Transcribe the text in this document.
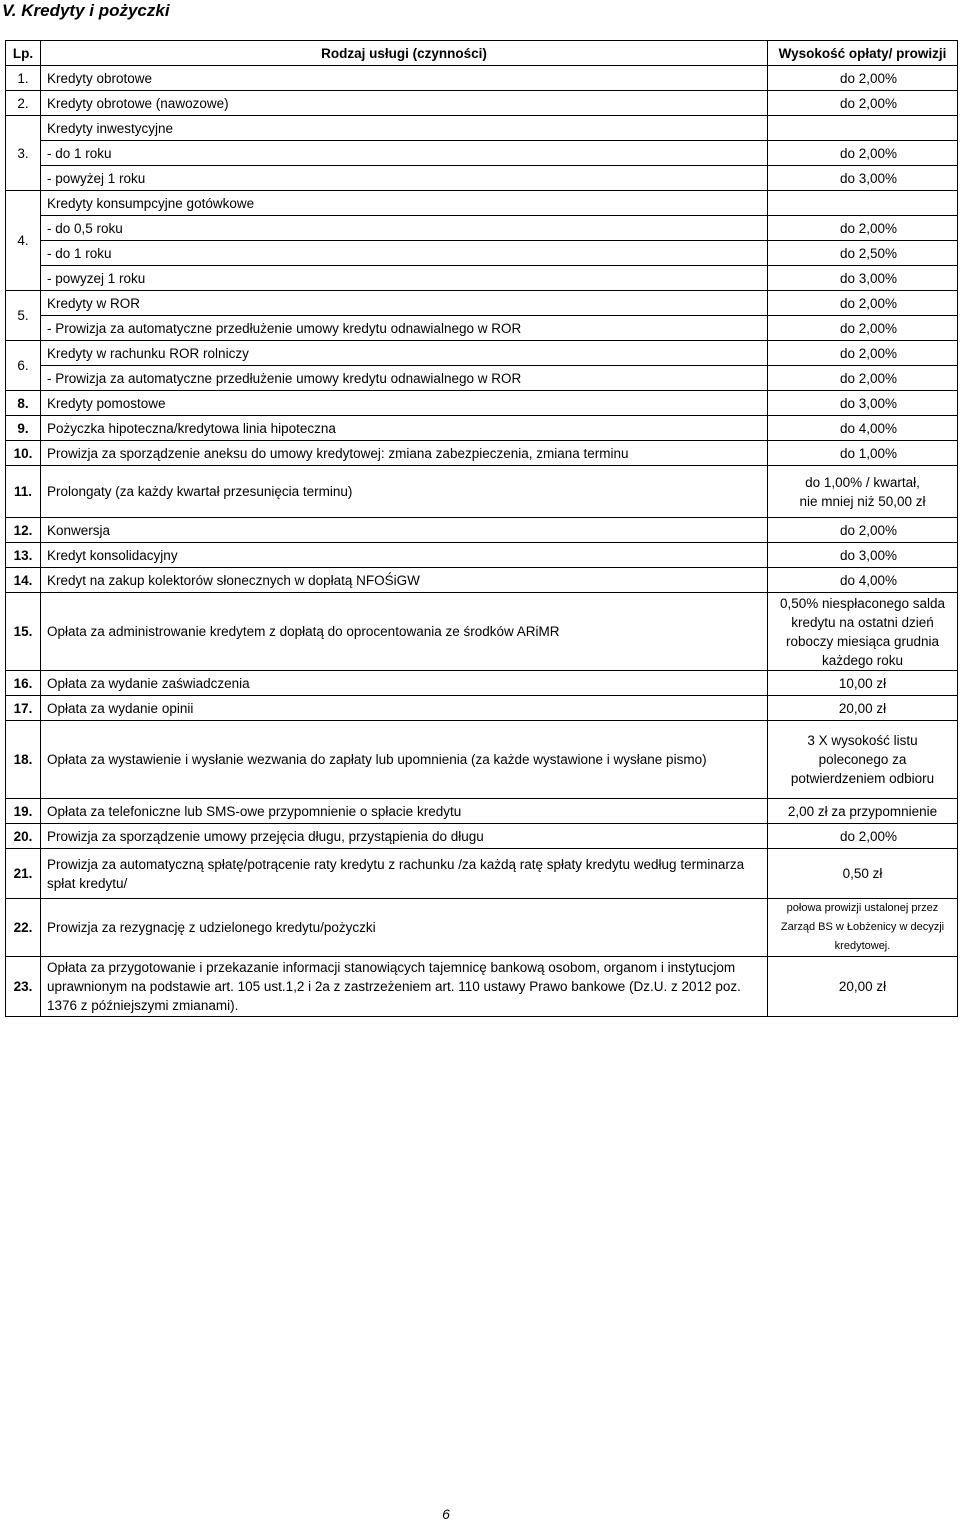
V. Kredyty i pożyczki
Lp.	Rodzaj usługi (czynności)	Wysokość opłaty/ prowizji
1.	Kredyty obrotowe	do 2,00%
2.	Kredyty obrotowe (nawozowe)	do 2,00%
3.	Kredyty inwestycyjne	
	- do 1 roku	do 2,00%
	- powyżej 1 roku	do 3,00%
4.	Kredyty konsumpcyjne gotówkowe	
	- do 0,5 roku	do 2,00%
	- do 1 roku	do 2,50%
	- powyzej 1 roku	do 3,00%
5.	Kredyty w ROR	do 2,00%
	- Prowizja za automatyczne przedłużenie umowy kredytu odnawialnego w ROR	do 2,00%
6.	Kredyty w rachunku ROR rolniczy	do 2,00%
	- Prowizja za automatyczne przedłużenie umowy kredytu odnawialnego w ROR	do 2,00%
8.	Kredyty pomostowe	do 3,00%
9.	Pożyczka hipoteczna/kredytowa linia hipoteczna	do 4,00%
10.	Prowizja za sporządzenie aneksu do umowy kredytowej: zmiana zabezpieczenia, zmiana terminu	do 1,00%
11.	Prolongaty (za każdy kwartał przesunięcia terminu)	do 1,00% / kwartał,
nie mniej niż 50,00 zł

12.	Konwersja	do 2,00%
13.	Kredyt konsolidacyjny	do 3,00%
14.	Kredyt na zakup kolektorów słonecznych w dopłatą NFOŚiGW	do 4,00%
15.	Opłata za administrowanie kredytem z dopłatą do oprocentowania ze środków ARiMR	0,50% niespłaconego salda
kredytu na ostatni dzień
roboczy miesiąca grudnia
każdego roku

16.	Opłata za wydanie zaświadczenia	10,00 zł
17.	Opłata za wydanie opinii	20,00 zł
18.	Opłata za wystawienie i wysłanie wezwania do zapłaty lub upomnienia (za każde wystawione i wysłane pismo)	3 X wysokość listu
poleconego za
potwierdzeniem odbioru

19.	Opłata za telefoniczne lub SMS-owe przypomnienie o spłacie kredytu	2,00 zł za przypomnienie
20.	Prowizja za sporządzenie umowy przejęcia długu, przystąpienia do długu	do 2,00%
21.	Prowizja za automatyczną spłatę/potrącenie raty kredytu z rachunku /za każdą ratę spłaty kredytu według terminarza
spłat kredytu/	0,50 zł
22.	Prowizja za rezygnację z udzielonego kredytu/pożyczki	połowa prowizji ustalonej przez
Zarząd BS w Łobżenicy w decyzji
kredytowej.

23.	Opłata za przygotowanie i przekazanie informacji stanowiących tajemnicę bankową osobom, organom i instytucjom
uprawnionym na podstawie art. 105 ust.1,2 i 2a z zastrzeżeniem art. 110 ustawy Prawo bankowe (Dz.U. z 2012 poz.
1376 z późniejszymi zmianami).	20,00 zł
6
